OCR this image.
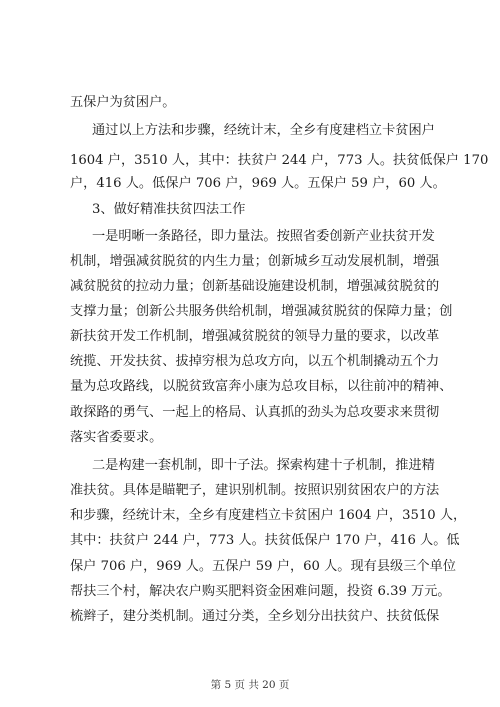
五保户为贫困户。
通过以上方法和步骤，经统计末，全乡有度建档立卡贫困户
1604 户，3510 人，其中：扶贫户 244 户，773 人。扶贫低保户 170
户，416 人。低保户 706 户，969 人。五保户 59 户，60 人。
3、做好精准扶贫四法工作
一是明晰一条路径，即力量法。按照省委创新产业扶贫开发
机制，增强减贫脱贫的内生力量；创新城乡互动发展机制，增强
减贫脱贫的拉动力量；创新基础设施建设机制，增强减贫脱贫的
支撑力量；创新公共服务供给机制，增强减贫脱贫的保障力量；创
新扶贫开发工作机制，增强减贫脱贫的领导力量的要求，以改革
统揽、开发扶贫、拔掉穷根为总攻方向，以五个机制撬动五个力
量为总攻路线，以脱贫致富奔小康为总攻目标，以往前冲的精神、
敢探路的勇气、一起上的格局、认真抓的劲头为总攻要求来贯彻
落实省委要求。
二是构建一套机制，即十子法。探索构建十子机制，推进精
准扶贫。具体是瞄靶子，建识别机制。按照识别贫困农户的方法
和步骤，经统计末，全乡有度建档立卡贫困户 1604 户，3510 人，
其中：扶贫户 244 户，773 人。扶贫低保户 170 户，416 人。低
保户 706 户，969 人。五保户 59 户，60 人。现有县级三个单位
帮扶三个村，解决农户购买肥料资金困难问题，投资 6.39 万元。
梳辫子，建分类机制。通过分类，全乡划分出扶贫户、扶贫低保
第 5 页 共 20 页
